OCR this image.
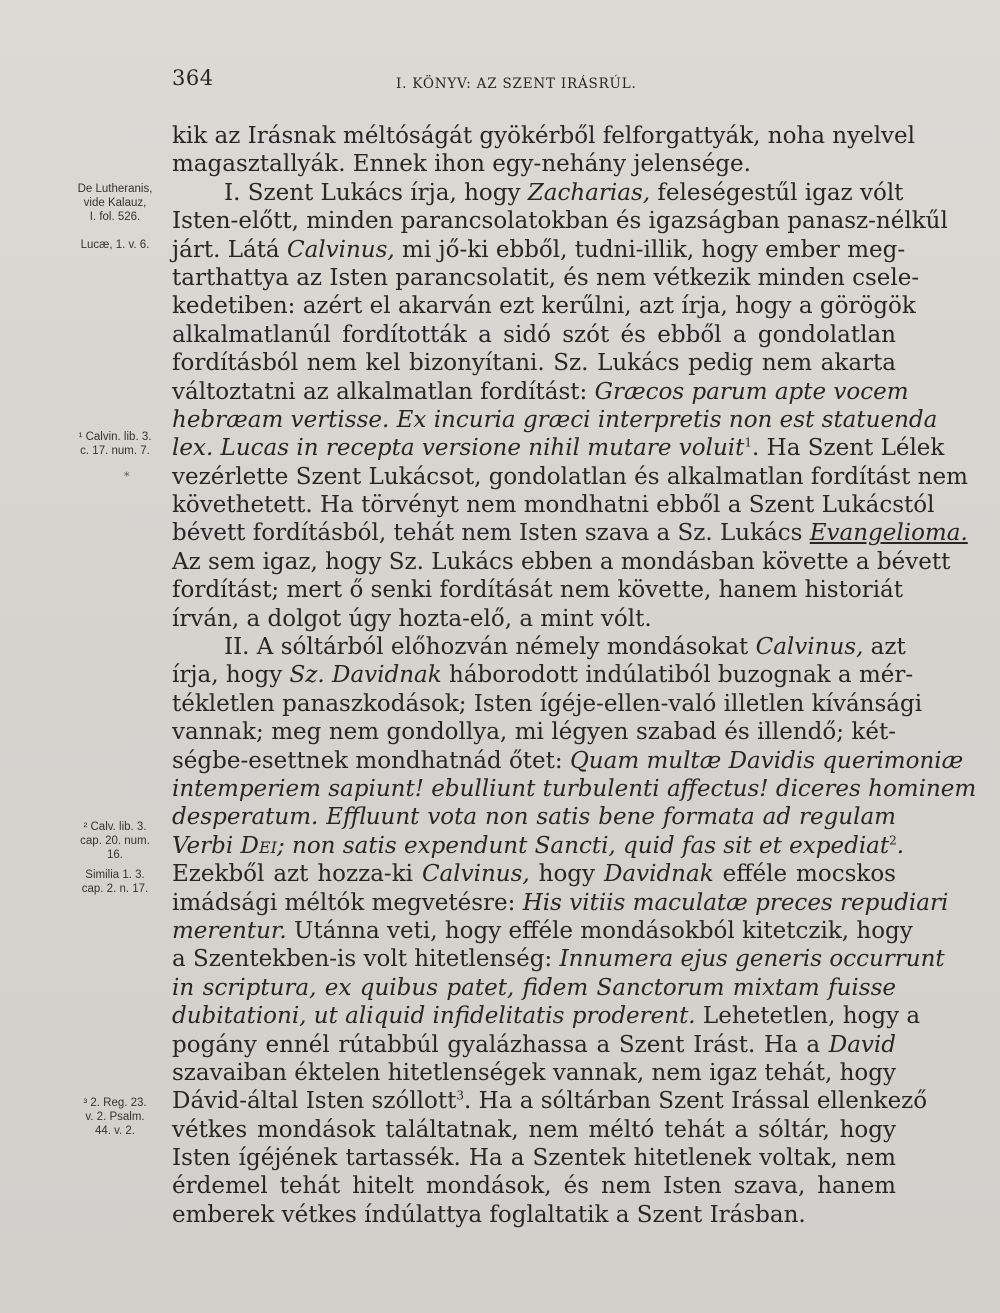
364	I. KÖNYV: AZ SZENT IRÁSRÚL.
De Lutheranis,
vide Kalauz,
I. fol. 526.
Lucæ, 1. v. 6.
¹ Calvin. lib. 3.
c. 17. num. 7.
*
² Calv. lib. 3.
cap. 20. num.
16.
Similia 1. 3.
cap. 2. n. 17.
³ 2. Reg. 23.
v. 2. Psalm.
44. v. 2.
kik az Irásnak méltóságát gyökérből felforgattyák, noha nyelvel
magasztallyák. Ennek ihon egy-nehány jelensége.
I. Szent Lukács írja, hogy Zacharias, feleségestűl igaz vólt
Isten-előtt, minden parancsolatokban és igazságban panasz-nélkűl
járt. Látá Calvinus, mi jő-ki ebből, tudni-illik, hogy ember meg-
tarthattya az Isten parancsolatit, és nem vétkezik minden csele-
kedetiben: azért el akarván ezt kerűlni, azt írja, hogy a görögök
alkalmatlanúl fordították a sidó szót és ebből a gondolatlan
fordításból nem kel bizonyítani. Sz. Lukács pedig nem akarta
változtatni az alkalmatlan fordítást: Græcos parum apte vocem
hebræam vertisse. Ex incuria græci interpretis non est statuenda
lex. Lucas in recepta versione nihil mutare voluit$^1$. Ha Szent Lélek
vezérlette Szent Lukácsot, gondolatlan és alkalmatlan fordítást nem
követhetett. Ha törvényt nem mondhatni ebből a Szent Lukácstól
bévett fordításból, tehát nem Isten szava a Sz. Lukács Evangelioma.
Az sem igaz, hogy Sz. Lukács ebben a mondásban követte a bévett
fordítást; mert ő senki fordítását nem követte, hanem historiát
írván, a dolgot úgy hozta-elő, a mint vólt.
II. A sóltárból előhozván némely mondásokat Calvinus, azt
írja, hogy Sz. Davidnak háborodott indúlatiból buzognak a mér-
tékletlen panaszkodások; Isten ígéje-ellen-való illetlen kívánsági
vannak; meg nem gondollya, mi légyen szabad és illendő; két-
ségbe-esettnek mondhatnád őtet: Quam multæ Davidis querimoniæ
intemperiem sapiunt! ebulliunt turbulenti affectus! diceres hominem
desperatum. Effluunt vota non satis bene formata ad regulam
Verbi Dei; non satis expendunt Sancti, quid fas sit et expediat$^2$.
Ezekből azt hozza-ki Calvinus, hogy Davidnak efféle mocskos
imádsági méltók megvetésre: His vitiis maculatæ preces repudiari
merentur. Utánna veti, hogy efféle mondásokból kitetczik, hogy
a Szentekben-is volt hitetlenség: Innumera ejus generis occurrunt
in scriptura, ex quibus patet, fidem Sanctorum mixtam fuisse
dubitationi, ut aliquid infidelitatis proderent. Lehetetlen, hogy a
pogány ennél rútabbúl gyalázhassa a Szent Irást. Ha a David
szavaiban éktelen hitetlenségek vannak, nem igaz tehát, hogy
Dávid-által Isten szóllott$^3$. Ha a sóltárban Szent Irással ellenkező
vétkes mondások találtatnak, nem méltó tehát a sóltár, hogy
Isten ígéjének tartassék. Ha a Szentek hitetlenek voltak, nem
érdemel tehát hitelt mondások, és nem Isten szava, hanem
emberek vétkes índúlattya foglaltatik a Szent Irásban.
